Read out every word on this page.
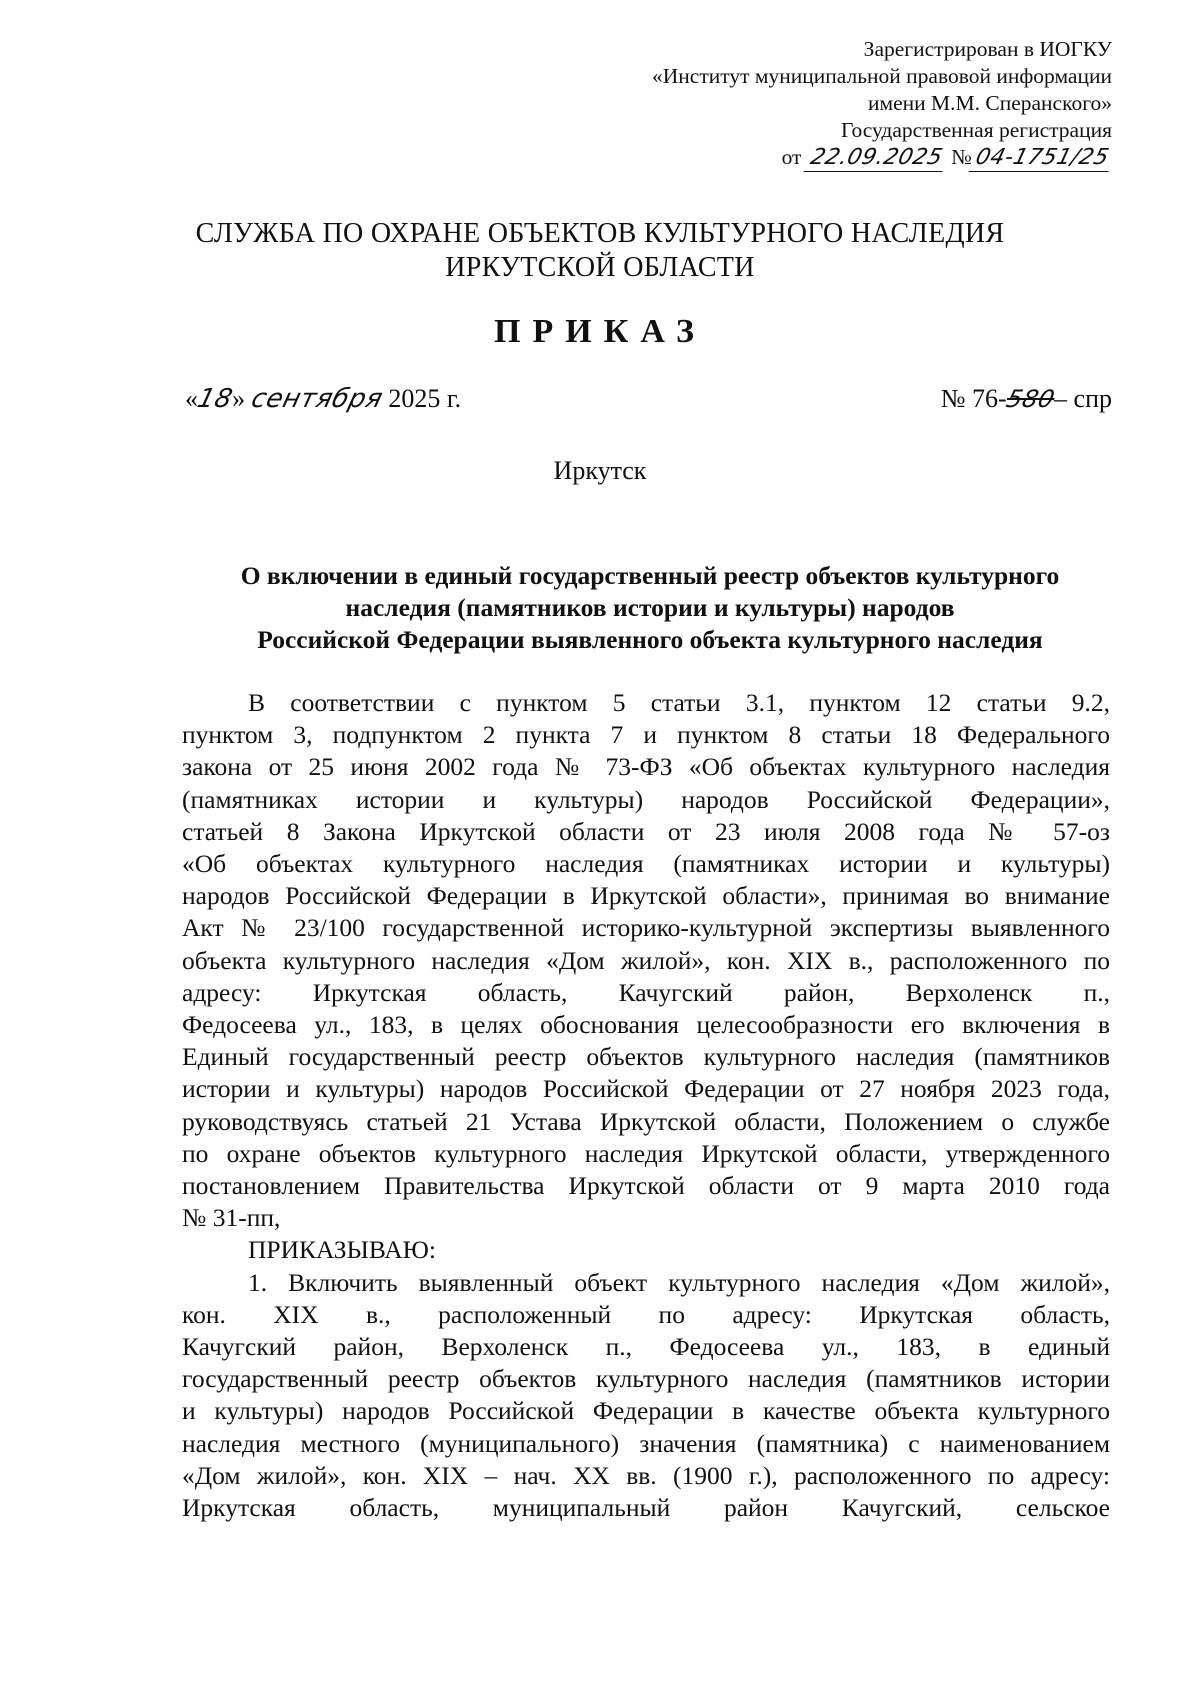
Зарегистрирован в ИОГКУ
«Институт муниципальной правовой информации
имени М.М. Сперанского»
Государственная регистрация
от 22.09.2025 №04-1751/25
СЛУЖБА ПО ОХРАНЕ ОБЪЕКТОВ КУЛЬТУРНОГО НАСЛЕДИЯ
ИРКУТСКОЙ ОБЛАСТИ
ПРИКАЗ
«18» сентября 2025 г.	№ 76-580– спр
Иркутск
О включении в единый государственный реестр объектов культурного
наследия (памятников истории и культуры) народов
Российской Федерации выявленного объекта культурного наследия
В соответствии с пунктом 5 статьи 3.1, пунктом 12 статьи 9.2,
пунктом 3, подпунктом 2 пункта 7 и пунктом 8 статьи 18 Федерального
закона от 25 июня 2002 года № 73-ФЗ «Об объектах культурного наследия
(памятниках истории и культуры) народов Российской Федерации»,
статьей 8 Закона Иркутской области от 23 июля 2008 года № 57-оз
«Об объектах культурного наследия (памятниках истории и культуры)
народов Российской Федерации в Иркутской области», принимая во внимание
Акт № 23/100 государственной историко-культурной экспертизы выявленного
объекта культурного наследия «Дом жилой», кон. XIX в., расположенного по
адресу: Иркутская область, Качугский район, Верхоленск п.,
Федосеева ул., 183, в целях обоснования целесообразности его включения в
Единый государственный реестр объектов культурного наследия (памятников
истории и культуры) народов Российской Федерации от 27 ноября 2023 года,
руководствуясь статьей 21 Устава Иркутской области, Положением о службе
по охране объектов культурного наследия Иркутской области, утвержденного
постановлением Правительства Иркутской области от 9 марта 2010 года
№ 31-пп,
ПРИКАЗЫВАЮ:
1. Включить выявленный объект культурного наследия «Дом жилой»,
кон. XIX в., расположенный по адресу: Иркутская область,
Качугский район, Верхоленск п., Федосеева ул., 183, в единый
государственный реестр объектов культурного наследия (памятников истории
и культуры) народов Российской Федерации в качестве объекта культурного
наследия местного (муниципального) значения (памятника) с наименованием
«Дом жилой», кон. XIX – нач. XX вв. (1900 г.), расположенного по адресу:
Иркутская область, муниципальный район Качугский, сельское
